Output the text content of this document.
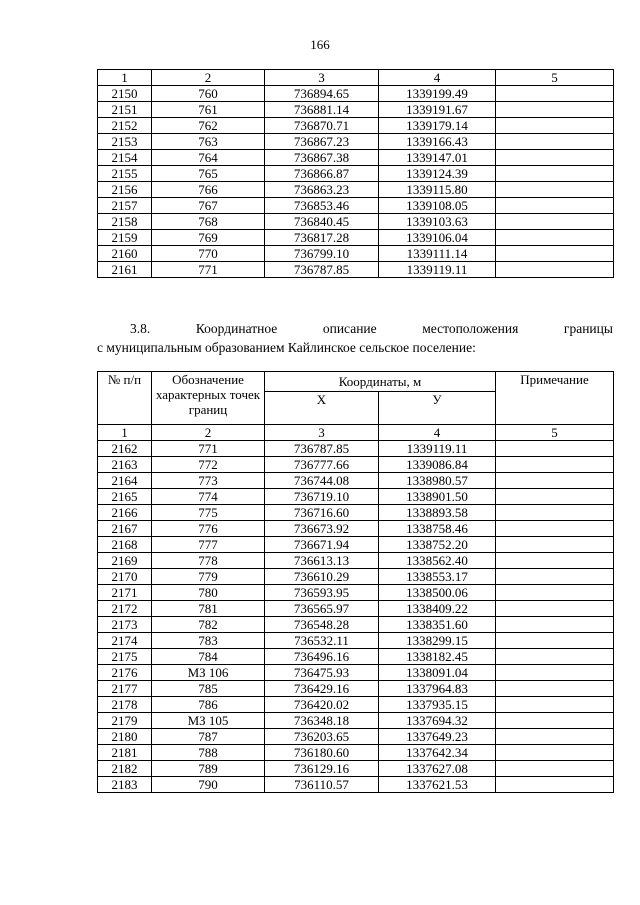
166
1	2	3	4	5
2150	760	736894.65	1339199.49	
2151	761	736881.14	1339191.67	
2152	762	736870.71	1339179.14	
2153	763	736867.23	1339166.43	
2154	764	736867.38	1339147.01	
2155	765	736866.87	1339124.39	
2156	766	736863.23	1339115.80	
2157	767	736853.46	1339108.05	
2158	768	736840.45	1339103.63	
2159	769	736817.28	1339106.04	
2160	770	736799.10	1339111.14	
2161	771	736787.85	1339119.11	
3.8.	Координатное	описание	местоположения	границы
с муниципальным образованием Кайлинское сельское поселение:
№ п/п	Обозначение характерных точек границ	Координаты, м		Примечание
		X	У	
1	2	3	4	5
2162	771	736787.85	1339119.11	
2163	772	736777.66	1339086.84	
2164	773	736744.08	1338980.57	
2165	774	736719.10	1338901.50	
2166	775	736716.60	1338893.58	
2167	776	736673.92	1338758.46	
2168	777	736671.94	1338752.20	
2169	778	736613.13	1338562.40	
2170	779	736610.29	1338553.17	
2171	780	736593.95	1338500.06	
2172	781	736565.97	1338409.22	
2173	782	736548.28	1338351.60	
2174	783	736532.11	1338299.15	
2175	784	736496.16	1338182.45	
2176	МЗ 106	736475.93	1338091.04	
2177	785	736429.16	1337964.83	
2178	786	736420.02	1337935.15	
2179	МЗ 105	736348.18	1337694.32	
2180	787	736203.65	1337649.23	
2181	788	736180.60	1337642.34	
2182	789	736129.16	1337627.08	
2183	790	736110.57	1337621.53	
